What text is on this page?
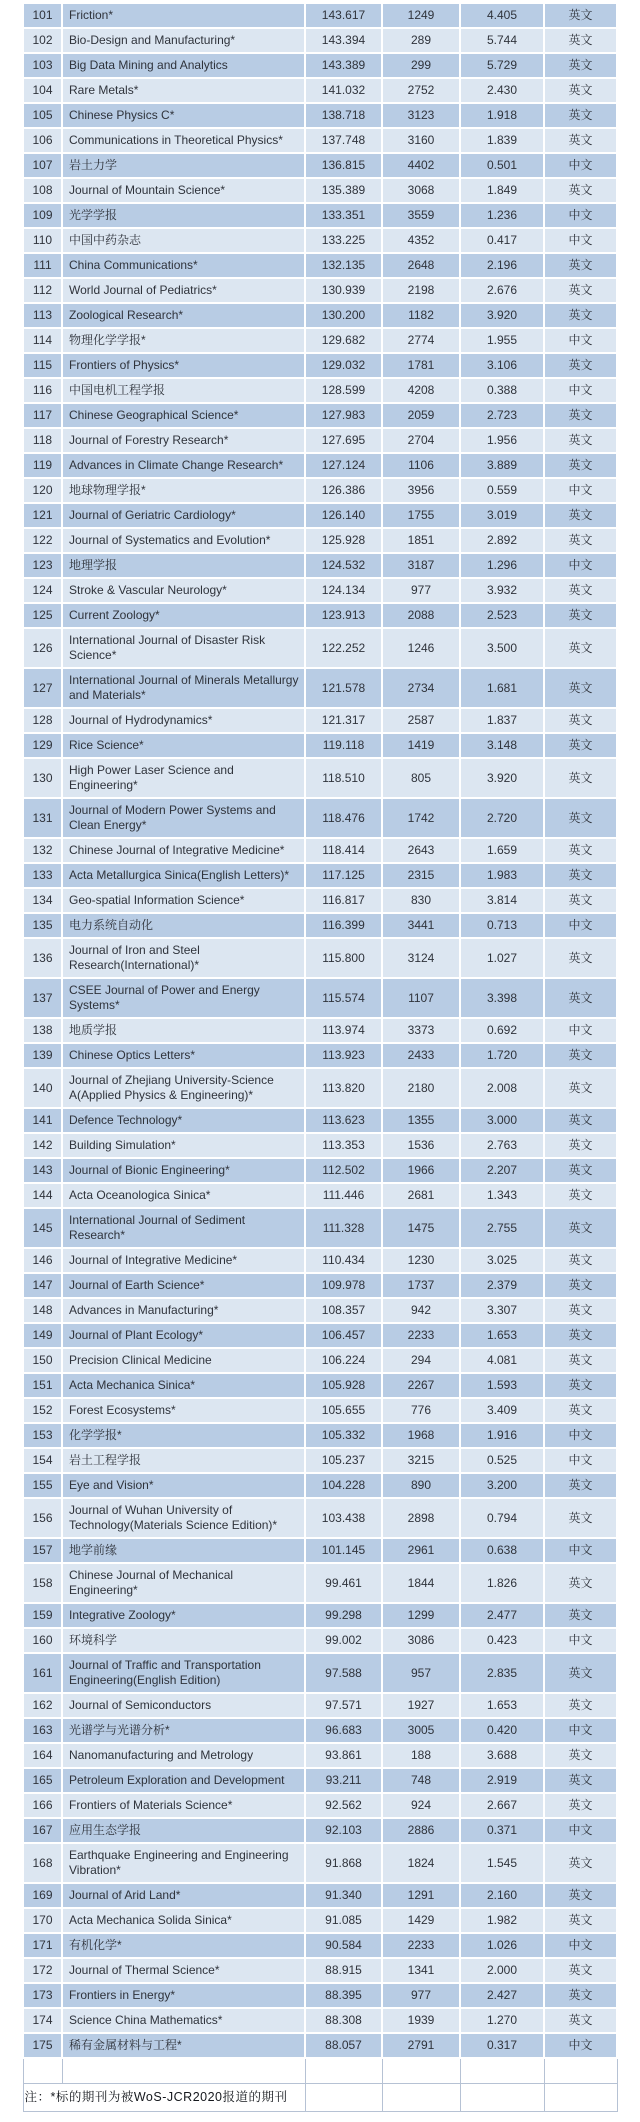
101	Friction*	143.617	1249	4.405	英文
102	Bio-Design and Manufacturing*	143.394	289	5.744	英文
103	Big Data Mining and Analytics	143.389	299	5.729	英文
104	Rare Metals*	141.032	2752	2.430	英文
105	Chinese Physics C*	138.718	3123	1.918	英文
106	Communications in Theoretical Physics*	137.748	3160	1.839	英文
107	岩土力学	136.815	4402	0.501	中文
108	Journal of Mountain Science*	135.389	3068	1.849	英文
109	光学学报	133.351	3559	1.236	中文
110	中国中药杂志	133.225	4352	0.417	中文
111	China Communications*	132.135	2648	2.196	英文
112	World Journal of Pediatrics*	130.939	2198	2.676	英文
113	Zoological Research*	130.200	1182	3.920	英文
114	物理化学学报*	129.682	2774	1.955	中文
115	Frontiers of Physics*	129.032	1781	3.106	英文
116	中国电机工程学报	128.599	4208	0.388	中文
117	Chinese Geographical Science*	127.983	2059	2.723	英文
118	Journal of Forestry Research*	127.695	2704	1.956	英文
119	Advances in Climate Change Research*	127.124	1106	3.889	英文
120	地球物理学报*	126.386	3956	0.559	中文
121	Journal of Geriatric Cardiology*	126.140	1755	3.019	英文
122	Journal of Systematics and Evolution*	125.928	1851	2.892	英文
123	地理学报	124.532	3187	1.296	中文
124	Stroke & Vascular Neurology*	124.134	977	3.932	英文
125	Current Zoology*	123.913	2088	2.523	英文
126	International Journal of Disaster Risk Science*	122.252	1246	3.500	英文
127	International Journal of Minerals Metallurgy and Materials*	121.578	2734	1.681	英文
128	Journal of Hydrodynamics*	121.317	2587	1.837	英文
129	Rice Science*	119.118	1419	3.148	英文
130	High Power Laser Science and Engineering*	118.510	805	3.920	英文
131	Journal of Modern Power Systems and Clean Energy*	118.476	1742	2.720	英文
132	Chinese Journal of Integrative Medicine*	118.414	2643	1.659	英文
133	Acta Metallurgica Sinica(English Letters)*	117.125	2315	1.983	英文
134	Geo-spatial Information Science*	116.817	830	3.814	英文
135	电力系统自动化	116.399	3441	0.713	中文
136	Journal of Iron and Steel Research(International)*	115.800	3124	1.027	英文
137	CSEE Journal of Power and Energy Systems*	115.574	1107	3.398	英文
138	地质学报	113.974	3373	0.692	中文
139	Chinese Optics Letters*	113.923	2433	1.720	英文
140	Journal of Zhejiang University-Science A(Applied Physics & Engineering)*	113.820	2180	2.008	英文
141	Defence Technology*	113.623	1355	3.000	英文
142	Building Simulation*	113.353	1536	2.763	英文
143	Journal of Bionic Engineering*	112.502	1966	2.207	英文
144	Acta Oceanologica Sinica*	111.446	2681	1.343	英文
145	International Journal of Sediment Research*	111.328	1475	2.755	英文
146	Journal of Integrative Medicine*	110.434	1230	3.025	英文
147	Journal of Earth Science*	109.978	1737	2.379	英文
148	Advances in Manufacturing*	108.357	942	3.307	英文
149	Journal of Plant Ecology*	106.457	2233	1.653	英文
150	Precision Clinical Medicine	106.224	294	4.081	英文
151	Acta Mechanica Sinica*	105.928	2267	1.593	英文
152	Forest Ecosystems*	105.655	776	3.409	英文
153	化学学报*	105.332	1968	1.916	中文
154	岩土工程学报	105.237	3215	0.525	中文
155	Eye and Vision*	104.228	890	3.200	英文
156	Journal of Wuhan University of Technology(Materials Science Edition)*	103.438	2898	0.794	英文
157	地学前缘	101.145	2961	0.638	中文
158	Chinese Journal of Mechanical Engineering*	99.461	1844	1.826	英文
159	Integrative Zoology*	99.298	1299	2.477	英文
160	环境科学	99.002	3086	0.423	中文
161	Journal of Traffic and Transportation Engineering(English Edition)	97.588	957	2.835	英文
162	Journal of Semiconductors	97.571	1927	1.653	英文
163	光谱学与光谱分析*	96.683	3005	0.420	中文
164	Nanomanufacturing and Metrology	93.861	188	3.688	英文
165	Petroleum Exploration and Development	93.211	748	2.919	英文
166	Frontiers of Materials Science*	92.562	924	2.667	英文
167	应用生态学报	92.103	2886	0.371	中文
168	Earthquake Engineering and Engineering Vibration*	91.868	1824	1.545	英文
169	Journal of Arid Land*	91.340	1291	2.160	英文
170	Acta Mechanica Solida Sinica*	91.085	1429	1.982	英文
171	有机化学*	90.584	2233	1.026	中文
172	Journal of Thermal Science*	88.915	1341	2.000	英文
173	Frontiers in Energy*	88.395	977	2.427	英文
174	Science China Mathematics*	88.308	1939	1.270	英文
175	稀有金属材料与工程*	88.057	2791	0.317	中文

注：*标的期刊为被WoS-JCR2020报道的期刊					
